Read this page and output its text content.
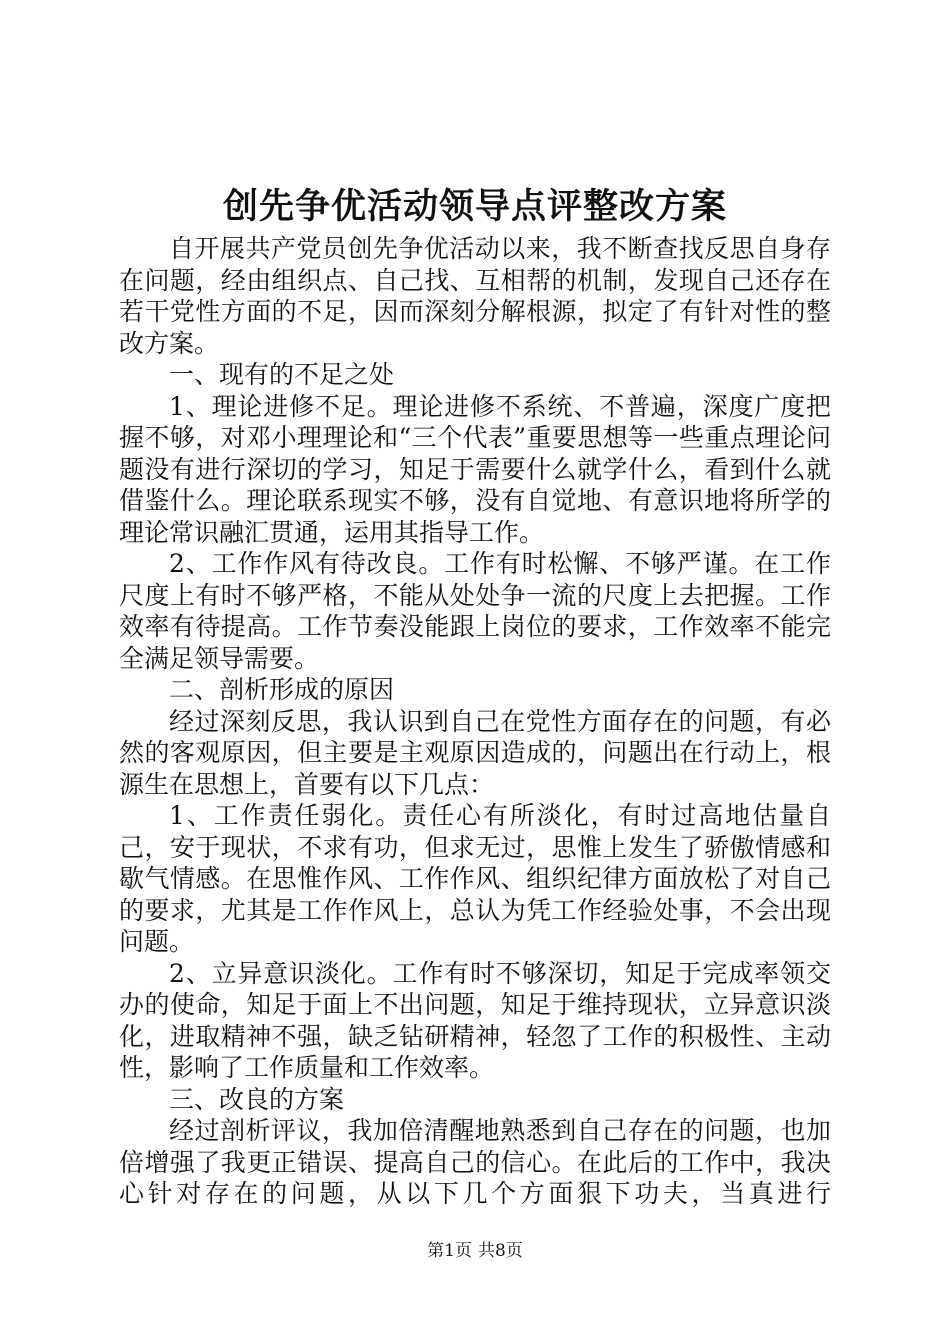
创先争优活动领导点评整改方案

自开展共产党员创先争优活动以来，我不断查找反思自身存在问题，经由组织点、自己找、互相帮的机制，发现自己还存在若干党性方面的不足，因而深刻分解根源，拟定了有针对性的整改方案。

一、现有的不足之处

1、理论进修不足。理论进修不系统、不普遍，深度广度把握不够，对邓小理理论和“三个代表”重要思想等一些重点理论问题没有进行深切的学习，知足于需要什么就学什么，看到什么就借鉴什么。理论联系现实不够，没有自觉地、有意识地将所学的理论常识融汇贯通，运用其指导工作。

2、工作作风有待改良。工作有时松懈、不够严谨。在工作尺度上有时不够严格，不能从处处争一流的尺度上去把握。工作效率有待提高。工作节奏没能跟上岗位的要求，工作效率不能完全满足领导需要。

二、剖析形成的原因

经过深刻反思，我认识到自己在党性方面存在的问题，有必然的客观原因，但主要是主观原因造成的，问题出在行动上，根源生在思想上，首要有以下几点：

1、工作责任弱化。责任心有所淡化，有时过高地估量自己，安于现状，不求有功，但求无过，思惟上发生了骄傲情感和歇气情感。在思惟作风、工作作风、组织纪律方面放松了对自己的要求，尤其是工作作风上，总认为凭工作经验处事，不会出现问题。

2、立异意识淡化。工作有时不够深切，知足于完成率领交办的使命，知足于面上不出问题，知足于维持现状，立异意识淡化，进取精神不强，缺乏钻研精神，轻忽了工作的积极性、主动性，影响了工作质量和工作效率。

三、改良的方案

经过剖析评议，我加倍清醒地熟悉到自己存在的问题，也加倍增强了我更正错误、提高自己的信心。在此后的工作中，我决心针对存在的问题，从以下几个方面狠下功夫，当真进行

第1页 共8页
